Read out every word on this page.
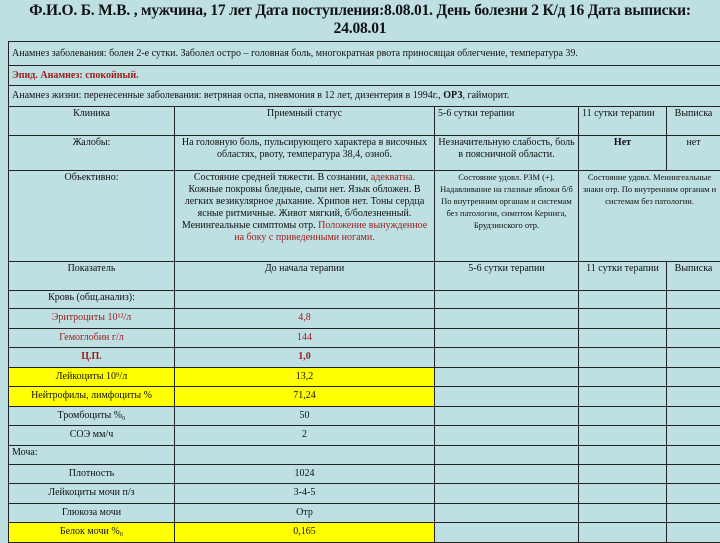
Ф.И.О. Б. М.В. , мужчина, 17 лет Дата поступления:8.08.01. День болезни 2 К/д 16 Дата выписки: 24.08.01
Анамнез заболевания: болен 2-е сутки. Заболел остро – головная боль, многократная рвота приносящая облегчение, температура 39.				
Эпид. Анамнез: спокойный.				
Анамнез жизни: перенесенные заболевания: ветряная оспа, пневмония в 12 лет, дизентерия в 1994г., ОРЗ, гайморит.				
Клиника	Приемный статус	5-6 сутки терапии	11 сутки терапии	Выписка
Жалобы:	На головную боль, пульсирующего характера в височных областях, рвоту, температура 38,4, озноб.	Незначительную слабость, боль в поясничной области.	Нет	нет
Объективно:	Состояние средней тяжести. В сознании, адекватна. Кожные покровы бледные, сыпи нет. Язык обложен. В легких везикулярное дыхание. Хрипов нет. Тоны сердца ясные ритмичные. Живот мягкий, б/болезненный. Менингеальные симптомы отр. Положение вынужденное на боку с приведенными ногами.	Состояние удовл. РЗМ (+). Надавливание на глазные яблоки б/б По внутренним органам и системам без патологии, симптом Кернига, Брудзинского отр.	Состояние удовл. Менингеальные знаки отр. По внутренним органам и системам без патологии.	
Показатель	До начала терапии	5-6 сутки терапии	11 сутки терапии	Выписка
Кровь (общ.анализ):				
Эритроциты 10¹²/л	4,8			
Гемоглобин г/л	144			
Ц.П.	1,0			
Лейкоциты 10⁹/л	13,2			
Нейтрофилы, лимфоциты %	71,24			
Тромбоциты %₀	50			
СОЭ мм/ч	2			
Моча:				
Плотность	1024			
Лейкоциты мочи п/з	3-4-5			
Глюкоза мочи	Отр			
Белок мочи %₀	0,165			
